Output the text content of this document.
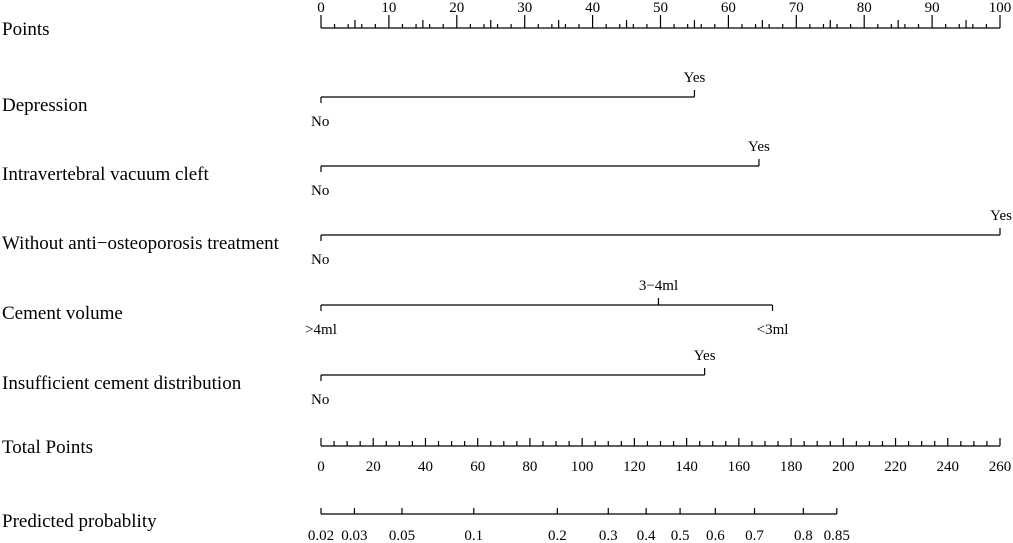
Points
0	10	20	30	40	50	60	70	80	90	100
Depression
No
Yes
Intravertebral vacuum cleft
No
Yes
Without anti−osteoporosis treatment
No
Yes
Cement volume
>4ml
3−4ml
<3ml
Insufficient cement distribution
No
Yes
Total Points
0	20 40 60 80 100 120 140 160 180 200 220 240 260
Predicted probablity
0.02 0.03 0.05	0.1	0.2 0.3 0.4 0.5 0.6 0.7 0.8 0.85
